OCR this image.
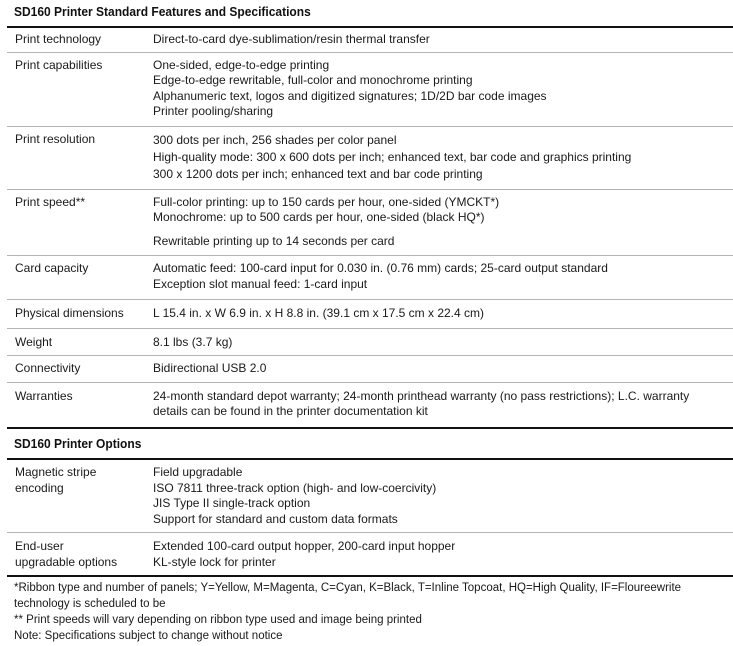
SD160 Printer Standard Features and Specifications
Print technology	Direct-to-card dye-sublimation/resin thermal transfer

Print capabilities	One-sided, edge-to-edge printing
Edge-to-edge rewritable, full-color and monochrome printing
Alphanumeric text, logos and digitized signatures; 1D/2D bar code images
Printer pooling/sharing

Print resolution	300 dots per inch, 256 shades per color panel
High-quality mode: 300 x 600 dots per inch; enhanced text, bar code and graphics printing
300 x 1200 dots per inch; enhanced text and bar code printing

Print speed**	Full-color printing: up to 150 cards per hour, one-sided (YMCKT*)
Monochrome: up to 500 cards per hour, one-sided (black HQ*)
Rewritable printing up to 14 seconds per card

Card capacity	Automatic feed: 100-card input for 0.030 in. (0.76 mm) cards; 25-card output standard
Exception slot manual feed: 1-card input

Physical dimensions	L 15.4 in. x W 6.9 in. x H 8.8 in. (39.1 cm x 17.5 cm x 22.4 cm)

Weight	8.1 lbs (3.7 kg)

Connectivity	Bidirectional USB 2.0

Warranties	24-month standard depot warranty; 24-month printhead warranty (no pass restrictions); L.C. warranty
details can be found in the printer documentation kit
SD160 Printer Options
Magnetic stripe
encoding	Field upgradable
ISO 7811 three-track option (high- and low-coercivity)
JIS Type II single-track option
Support for standard and custom data formats

End-user
upgradable options	Extended 100-card output hopper, 200-card input hopper
KL-style lock for printer

*Ribbon type and number of panels; Y=Yellow, M=Magenta, C=Cyan, K=Black, T=Inline Topcoat, HQ=High Quality, IF=Floureewrite technology is scheduled to be

** Print speeds will vary depending on ribbon type used and image being printed

Note: Specifications subject to change without notice
